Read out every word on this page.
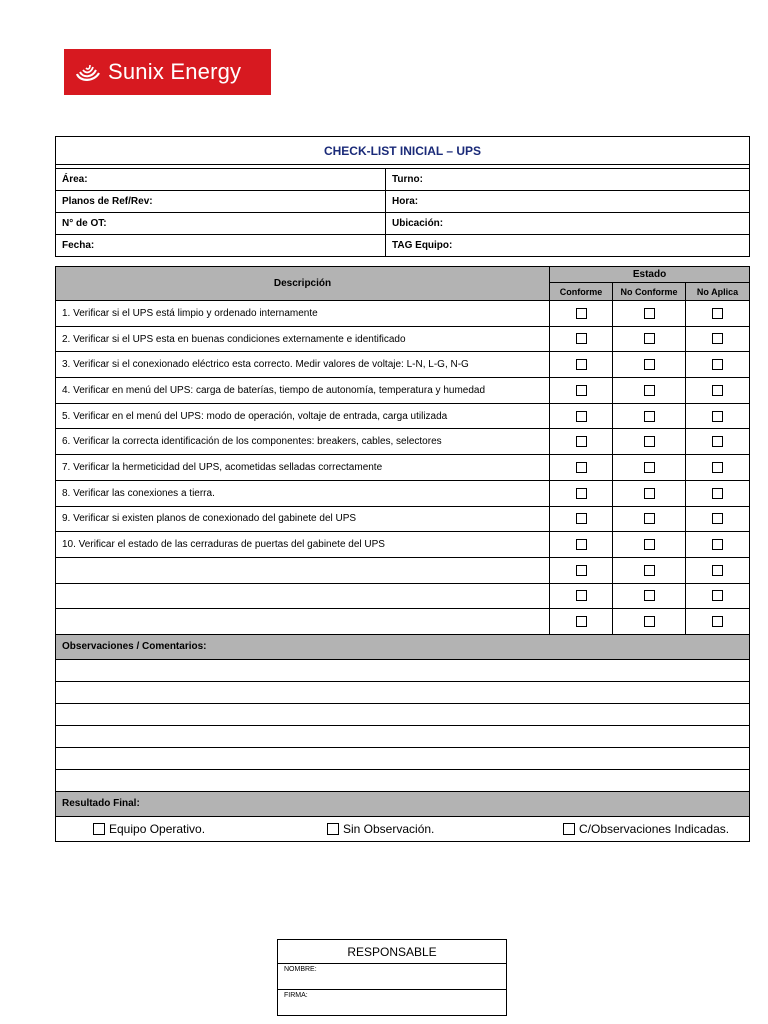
Sunix Energy
CHECK-LIST INICIAL – UPS	

Área:	Turno:
Planos de Ref/Rev:	Hora:
N° de OT:	Ubicación:
Fecha:	TAG Equipo:
Descripción	Estado		
	Conforme	No Conforme	No Aplica
1. Verificar si el UPS está limpio y ordenado internamente			
2. Verificar si el UPS esta en buenas condiciones externamente e identificado			
3. Verificar si el conexionado eléctrico esta correcto. Medir valores de voltaje: L-N, L-G, N-G			
4. Verificar en menú del UPS: carga de baterías, tiempo de autonomía, temperatura y humedad			
5. Verificar en el menú del UPS: modo de operación, voltaje de entrada, carga utilizada			
6. Verificar la correcta identificación de los componentes: breakers, cables, selectores			
7. Verificar la hermeticidad del UPS, acometidas selladas correctamente			
8. Verificar las conexiones a tierra.			
9. Verificar si existen planos de conexionado del gabinete del UPS			
10. Verificar el estado de las cerraduras de puertas del gabinete del UPS			

Observaciones / Comentarios:			

Resultado Final:			

Equipo Operativo. Sin Observación. C/Observaciones Indicadas.			
RESPONSABLE
NOMBRE:
FIRMA:
